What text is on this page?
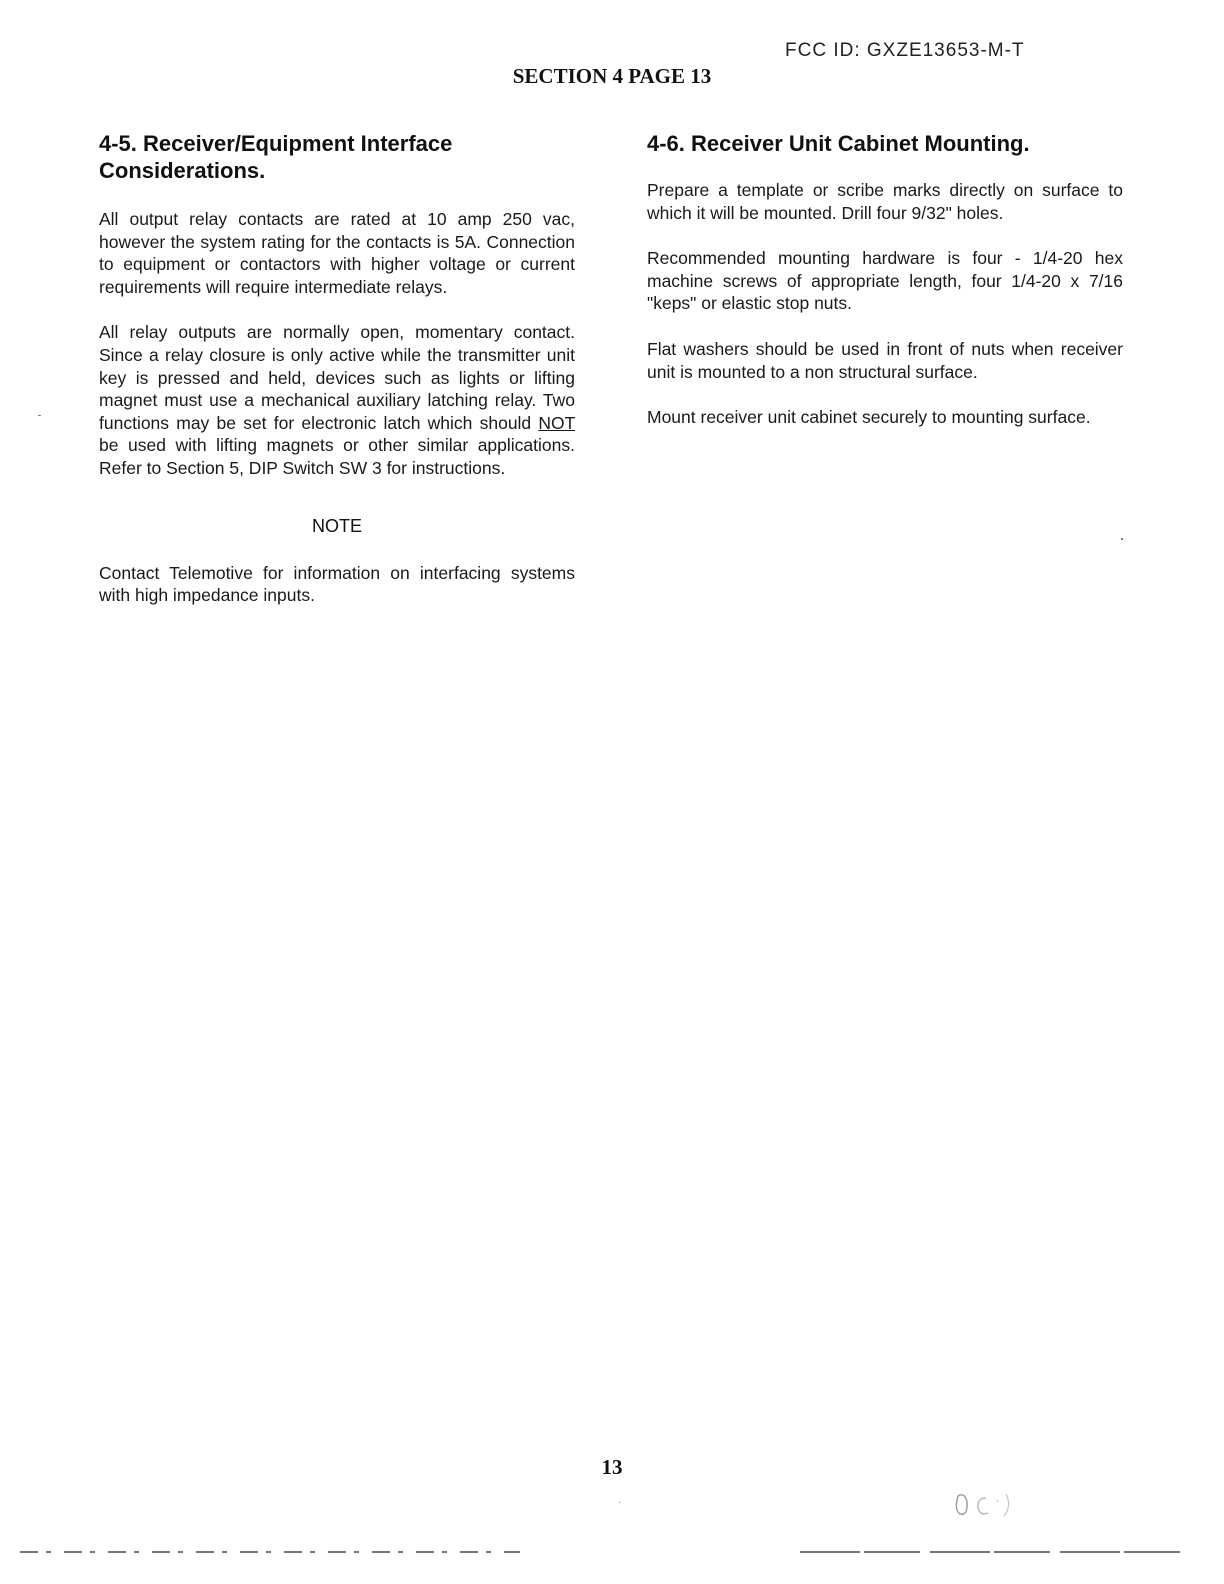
FCC ID: GXZE13653-M-T
SECTION 4 PAGE 13
4-5. Receiver/Equipment Interface Considerations.

All output relay contacts are rated at 10 amp 250 vac, however the system rating for the contacts is 5A. Connection to equipment or contactors with higher voltage or current requirements will require intermediate relays.

All relay outputs are normally open, momentary contact. Since a relay closure is only active while the transmitter unit key is pressed and held, devices such as lights or lifting magnet must use a mechanical auxiliary latching relay. Two functions may be set for electronic latch which should NOT be used with lifting magnets or other similar applications. Refer to Section 5, DIP Switch SW 3 for instructions.

NOTE

Contact Telemotive for information on interfacing systems with high impedance inputs.

4-6. Receiver Unit Cabinet Mounting.

Prepare a template or scribe marks directly on surface to which it will be mounted. Drill four 9/32" holes.

Recommended mounting hardware is four - 1/4-20 hex machine screws of appropriate length, four 1/4-20 x 7/16 "keps" or elastic stop nuts.

Flat washers should be used in front of nuts when receiver unit is mounted to a non structural surface.

Mount receiver unit cabinet securely to mounting surface.

13
